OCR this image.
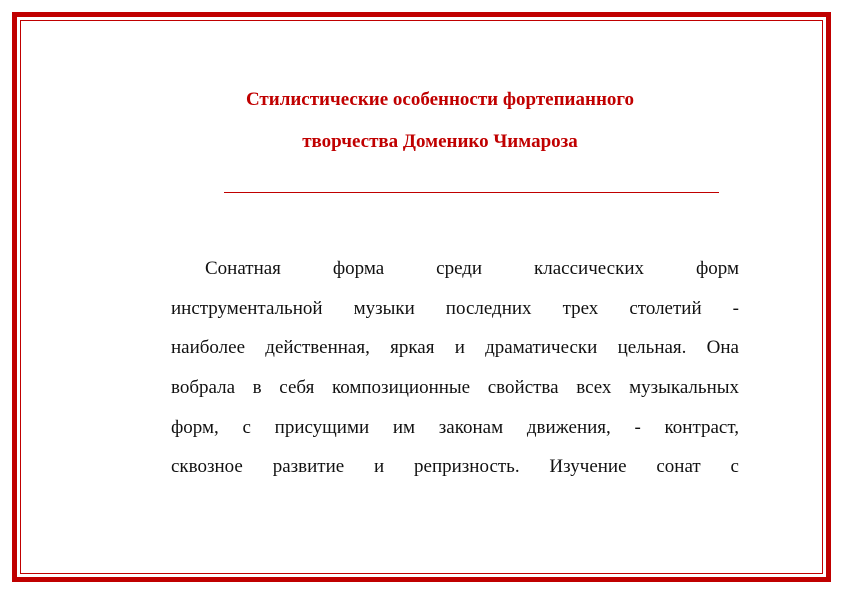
Стилистические особенности фортепианного
творчества Доменико Чимароза
Сонатная форма среди классических форм
инструментальной музыки последних трех столетий -
наиболее действенная, яркая и драматически цельная. Она
вобрала в себя композиционные свойства всех музыкальных
форм, с присущими им законам движения, - контраст,
сквозное развитие и репризность. Изучение сонат с
